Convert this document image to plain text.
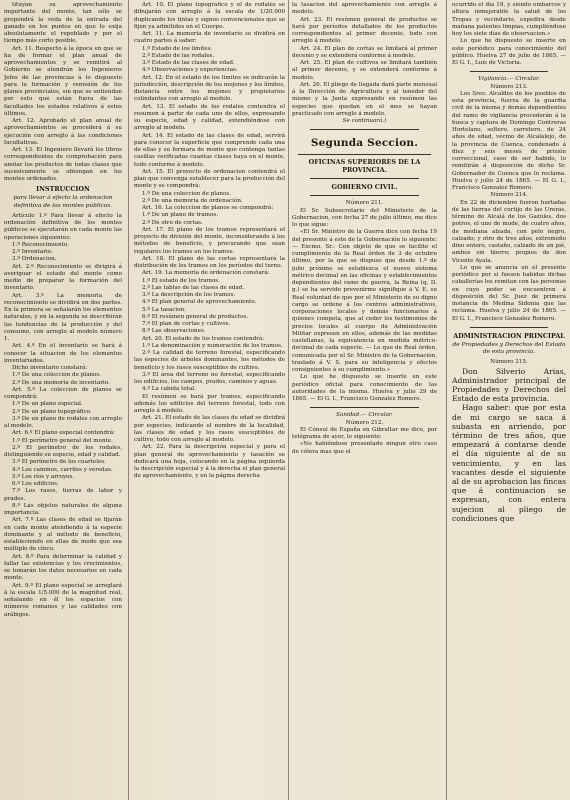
tituyan su aprovechamiento importante del monte, tan sólo se propondrá la veda de la entrada del ganado en los puntos en que lo exija absolutamente el repoblado y por el tiempo más corto posible.

Art. 11. Respecto á la época en que se ha de formar el plan anual de aprovechamientos y se remitirá al Gobierno se atendrán los Ingenieros Jefes de las provincias á lo dispuesto para la formación y remisión de los planes provinciales, sin que se entiendan por esto que están fuera de las facultades los estados relativos á estos últimos.

Art. 12. Aprobado el plan anual de aprovechamientos se procederá á su ejecución con arreglo á las condiciones facultativas.

Art. 13. El Ingeniero llevará los libros correspondientes de comprobación para anotar los productos de todas clases que sucesivamente se obtengan en los montes ordenados.

INSTRUCCION
para llevar á efecto la ordenacion definitiva de los montes públicos.

Artículo 1.º Para llevar á efecto la ordenación definitiva de los montes públicos se ejecutarán en cada monte las operaciones siguientes:

1.º Reconocimiento.

2.º Inventario.

3.º Ordenacion.

Art. 2.º Reconocimiento se dirigirá á averiguar el estado del monte como medio de preparar la formación del inventario.

Art. 3.º La memoria de reconocimiento se dividirá en dos partes. En la primera se señalarán los elementos naturales, y en la segunda se describirán las tendencias de la producción y del consumo, con arreglo al modelo número 1.

Art. 4.º En el inventario se hará á conocer la situacion de los elementos inventariados.

Dicho inventario constará:

1.º De una coleccion de planos.

2.º De una memoria de inventario.

Art. 5.º La coleccion de planos se compondrá:

1.º De un plano especial.

2.º De un plano topográfico.

3.º De un plano de rodales con arreglo al modelo.

Art. 6.º El plano especial contendrá:

1.º El perímetro general del monte.

2.º El perímetro de los rodales, distinguiendo su especie, edad y calidad.

3.º El perímetro de los cuarteles.

4.º Los caminos, carriles y veredas.

5.º Los ríos y arroyos.

6.º Los edificios.

7.º Los rasos, tierras de labor y prados.

8.º Las objetos naturales de alguna importancia.

Art. 7.º Las clases de edad se fijarán en cada monte atendiendo á la especie dominante y al método de beneficio, estableciendo en ellas de modo que sea múltiplo de cinco.

Art. 8.º Para determinar la calidad y fallar las existencias y los crecimientos, se tomarán los datos necesarios en cada monte.

Art. 9.º El plano especial se arreglará á la escala 1/5.000 de la magnitud real, señalando en él los espacios con números romanos y las calidades con arábigos.

Art. 10. El plano topográfico y el de rodales se dibujarán con arreglo á la escala de 1/20.000 duplicando los tintas y signos convencionales que se fijen ya admitidos en el Cuerpo.

Art. 11. La memoria de inventario se dividirá en cuatro partes á saber:

1.º Estado de los límites.

2.º Estado de las rodales.

3.º Estado de las clases de edad.

4.º Observaciones y experiencias.

Art. 12. En el estado de los límites se indicarán la jurisdicción, descripción de los mojones y los límites, distancia entre los mojones y propietarios colindantes con arreglo al modelo.

Art. 13. El estado de los rodales contendrá el resumen á partir de cada uno de ellos, expresando su especie, edad y calidad, extendiéndose con arreglo al modelo.

Art. 14. El estado de las clases de edad, servirá para conocer la superficie que comprende cada una de ellas y su formara de monte que contenga tantas casillas verificadas cuantas clases haya en el monte, todo conforme á modelo.

Art. 15. El proyecto de ordenacion contendrá el plan que convenga establecer para la producción del monte y se compondrá:

1.º De una coleccion de planos.

2.º De una memoria de ordenación.

Art. 16. La coleccion de planos se compondrá:

1.º De un plano de tramos.

2.º De otro de cortas.

Art. 17. El plano de los tramos representará el proyecto de división del monte, inconsiderando á los métodos de beneficio, y procurando que sean regulares los tramos en los tramos.

Art. 18. El plano de las cortas representará la distribución de los tramos en los períodos del turno.

Art. 19. La memoria de ordenación constará:

1.º El estado de los tramos.

2.º Las tablas de las clases de edad.

3.º La descripción de los tramos.

4.º El plan general de aprovechamiento.

5.º La tasacion.

6.º El resúmen general de productos.

7.º El plan de cortas y cultivos.

8.º Las observaciones.

Art. 20. El estado de los tramos contendrá:

1.º La denominación y numeración de los tramos.

2.º La calidad de terreno forestal, especificando las especies de árboles dominantes, los métodos de beneficio y los rasos susceptibles de cultivo.

3.º El área del terreno no forestal, especificando los edificios, los campos, prados, caminos y aguas.

4.º La cabida total.

El resúmen se hará por tramos, especificando además los edificios del terreno forestal, todo con arreglo á modelo.

Art. 21. El estado de las clases de edad se dividirá por especies, indicando el nombre de la localidad, las clases de edad y los rasos susceptibles de cultivo, todo con arreglo al modelo.

Art. 22. Para la descripción especial y para el plan general de aprovechamiento y tasación se dedicará una hoja, colocando en la página izquierda la descripción especial y á la derecha el plan general de aprovechamiento, y en la página derecha

la tasacion del aprovechamiento con arreglo á modelo.

Art. 23. El resúmen general de productos se hará por períodos detallados de los productos correspondientes al primer decenio, todo con arreglo á modelo.

Art. 24. El plan de cortas se limitará al primer decenio y se extenderá conforme á modelo.

Art. 25. El plan de cultivos se limitará también al primer decenio, y se extenderá conforme á modelo.

Art. 26. El pliego de llegada dará parte mensual á la Dirección de Agricultura y al tenedor del mismo y la Junta expresando en resúmen las especies que quedan en el mes se hayan practicado con arreglo á modelo.

Se continuará.)
Segunda Seccion.
OFICINAS SUPERIORES DE LA PROVINCIA.
GOBIERNO CIVIL.
Número 211.

El Sr. Subsecretario del Ministerio de la Gobernacion, con fecha 27 de julio último, me dice lo que sigue:

«El Sr. Ministro de la Guerra dice con fecha 19 del presente á este de la Gobernación lo siguiente: — Excmo. Sr.: Con objeto de que se facilite el cumplimiento de la Real órden de 3 de octubre último, por la que se dispuso que desde 1.º de julio próximo se establezca el nuevo sistema métrico decimal en las oficinas y establecimientos dependientes del ramo de guerra, la Reina (q. D. g.) se ha servido prevenirme signifique á V. E. su Real voluntad de que por el Ministerio de su digno cargo se ordene á los centros administrativos, corporaciones locales y demás funcionarios á quienes competa, que al ceder los testimonios de precios locales al cuerpo de Administración Militar expresen en ellos, además de las medidas castellanas, la equivalencia en medida métrico-decimal de cada especie. — Lo que de Real órden, comunicada por el Sr. Ministro de la Gobernacion, traslado á V. S. para su inteligencia y efectos consiguientes á su cumplimiento.»

Lo que he dispuesto se inserte en este periódico oficial para conocimiento de las autoridades de la misma. Huelva y julio 29 de 1865. — El G. I., Francisco Gonzalez Romero.

Sanidad.— Circular.
Número 212.

El Cónsul de España en Gibraltar me dice, por telégrama de ayer, lo siguiente:

«No habiéndose presentado ningun otro caso de cólera mas que el

ocurrido el día 19, y siendo embarcos y altura inmejorable la salud de los Tropas y vecindario, expedira desde mañana patentes limpias, cumpliéndose hoy los siete días de observacion.»

Lo que he dispuesto se inserte en este periódico para conocimiento del público. Huelva 27 de julio de 1865. — El G. I., Luis de Victoria.

Vigilancia.— Circular.
Número 213.

Los Sres. Alcaldes de los pueblos de esta provincia, fuerza de la guardia civil de la misma y demás dependientes del ramo de vigilancia procederán á la busca y captura de Domingo Contreras Hortelano, soltero, carretero, de 24 años de edad, vecino de Alcalalejo, de la provincia de Cuenca, condenado á diez y seis meses de prisión correccional, caso de ser habido, lo remitirán á disposición de dicho Sr. Gobernador de Cuenca que lo reclama. Huelva y julio 24 de 1865. — El G. I., Francisco Gonzalez Romero.

Número 214.

En 22 de diciembre fueron hurtadas de las tierras del cortijo de las Ureras, término de Alcalá de los Gazules, dos potros, el uno de mude, de cuatro años, de mediana alzada, con pelo negro, calzado; y otro de tres años, extremeño dino entero, castaño, calzado de un pié, ambos sin hierro; propios de don Vicente Ayala.

Lo que se anuncia en el presente periódico por si fuesen habidas dichas caballerías los remitan con las personas en cuyo poder se encuentren á disposición del Sr. Juez de primera instancia de Medina Sidonia que las reclama. Huelva y julio 24 de 1865. — El G. I., Francisco Gonzalez Romero.

ADMINISTRACION PRINCIPAL
de Propiedades y Derechos del Estado de esta provincia.
Número 215.

Don Silverio Arias, Administrador principal de Propiedades y Derechos del Estado de esta provincia.

Hago saber: que por esta de mi cargo se saca á subasta en arriendo, por término de tres años, que empezará á contarse desde el día siguiente al de su vencimiento, y en las vacantes desde el siguiente al de su aprobacion las fincas que á continuacion se expresan, con entera sujecion al pliego de condiciones que
